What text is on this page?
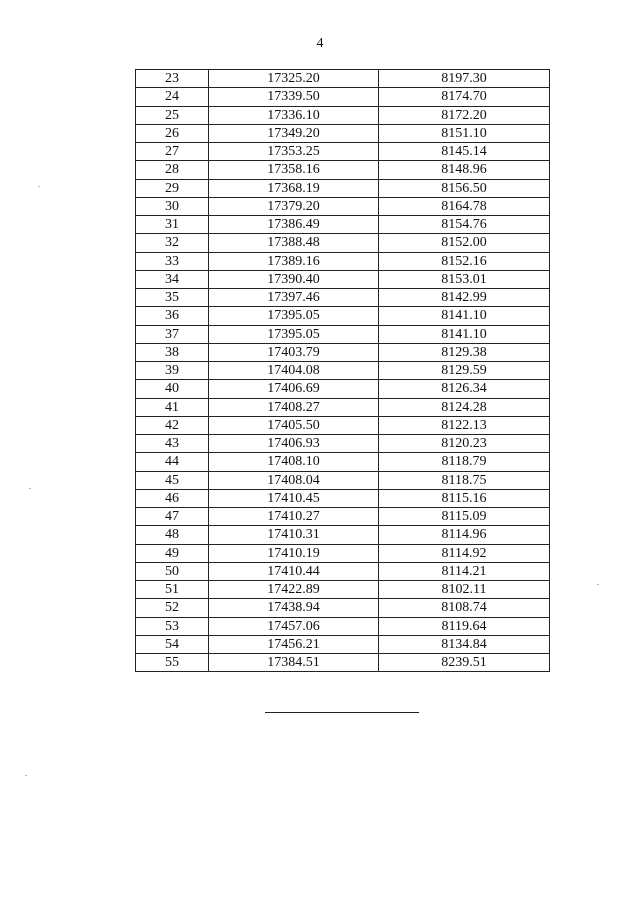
4
23	17325.20	8197.30
24	17339.50	8174.70
25	17336.10	8172.20
26	17349.20	8151.10
27	17353.25	8145.14
28	17358.16	8148.96
29	17368.19	8156.50
30	17379.20	8164.78
31	17386.49	8154.76
32	17388.48	8152.00
33	17389.16	8152.16
34	17390.40	8153.01
35	17397.46	8142.99
36	17395.05	8141.10
37	17395.05	8141.10
38	17403.79	8129.38
39	17404.08	8129.59
40	17406.69	8126.34
41	17408.27	8124.28
42	17405.50	8122.13
43	17406.93	8120.23
44	17408.10	8118.79
45	17408.04	8118.75
46	17410.45	8115.16
47	17410.27	8115.09
48	17410.31	8114.96
49	17410.19	8114.92
50	17410.44	8114.21
51	17422.89	8102.11
52	17438.94	8108.74
53	17457.06	8119.64
54	17456.21	8134.84
55	17384.51	8239.51
